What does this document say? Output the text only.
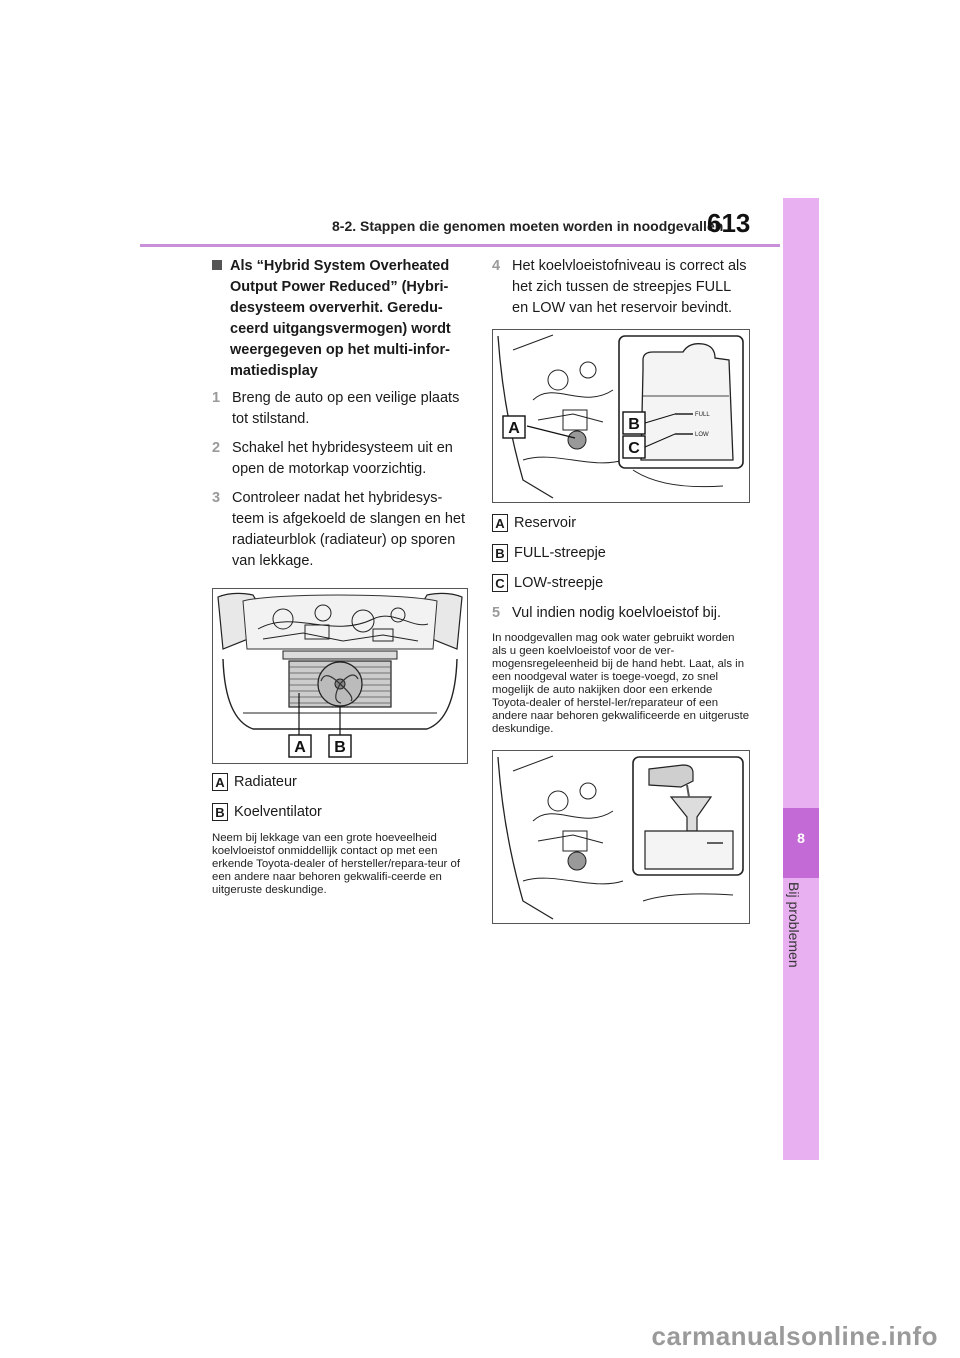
8-2. Stappen die genomen moeten worden in noodgevallen
613
8
Bij problemen
Als “Hybrid System Overheated Output Power Reduced” (Hybri-desysteem oververhit. Geredu-ceerd uitgangsvermogen) wordt weergegeven op het multi-infor-matiedisplay
1 Breng de auto op een veilige plaats tot stilstand.
2 Schakel het hybridesysteem uit en open de motorkap voorzichtig.
3 Controleer nadat het hybridesys-teem is afgekoeld de slangen en het radiateurblok (radiateur) op sporen van lekkage.
A B
A Radiateur
B Koelventilator
Neem bij lekkage van een grote hoeveelheid koelvloeistof onmiddellijk contact op met een erkende Toyota-dealer of hersteller/repara-teur of een andere naar behoren gekwalifi-ceerde en uitgeruste deskundige.
4 Het koelvloeistofniveau is correct als het zich tussen de streepjes FULL en LOW van het reservoir bevindt.
A
FULL
LOW
B
C
A Reservoir
B FULL-streepje
C LOW-streepje
5 Vul indien nodig koelvloeistof bij.
In noodgevallen mag ook water gebruikt worden als u geen koelvloeistof voor de ver-mogensregeleenheid bij de hand hebt. Laat, als in een noodgeval water is toege-voegd, zo snel mogelijk de auto nakijken door een erkende Toyota-dealer of herstel-ler/reparateur of een andere naar behoren gekwalificeerde en uitgeruste deskundige.
carmanualsonline.info
